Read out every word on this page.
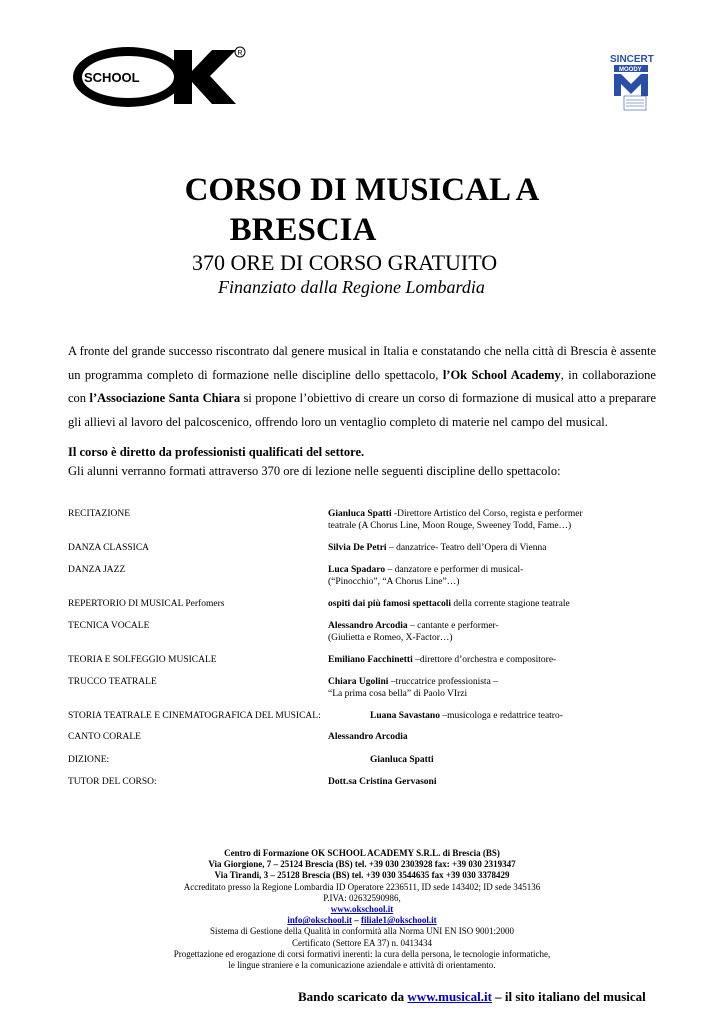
SCHOOL
R
SINCERT
MOODY
CORSO DI MUSICAL A
BRESCIA
370 ORE DI CORSO GRATUITO
Finanziato dalla Regione Lombardia
A fronte del grande successo riscontrato dal genere musical in Italia e constatando che nella città di Brescia è assente un programma completo di formazione nelle discipline dello spettacolo, l’Ok School Academy, in collaborazione con l’Associazione Santa Chiara si propone l’obiettivo di creare un corso di formazione di musical atto a preparare gli allievi al lavoro del palcoscenico, offrendo loro un ventaglio completo di materie nel campo del musical.
Il corso è diretto da professionisti qualificati del settore.
Gli alunni verranno formati attraverso 370 ore di lezione nelle seguenti discipline dello spettacolo:
RECITAZIONE	Gianluca Spatti -Direttore Artistico del Corso, regista e performer
teatrale (A Chorus Line, Moon Rouge, Sweeney Todd, Fame…)
DANZA CLASSICA	Silvia De Petri – danzatrice- Teatro dell’Opera di Vienna
DANZA JAZZ	Luca Spadaro – danzatore e performer di musical-
(“Pinocchio”, “A Chorus Line”…)
REPERTORIO DI MUSICAL Perfomers	ospiti dai più famosi spettacoli della corrente stagione teatrale
TECNICA VOCALE	Alessandro Arcodia – cantante e performer-
(Giulietta e Romeo, X-Factor…)
TEORIA E SOLFEGGIO MUSICALE	Emiliano Facchinetti –direttore d’orchestra e compositore-
TRUCCO TEATRALE	Chiara Ugolini –truccatrice professionista –
“La prima cosa bella” di Paolo VIrzi
STORIA TEATRALE E CINEMATOGRAFICA DEL MUSICAL:	Luana Savastano –musicologa e redattrice teatro-
CANTO CORALE	Alessandro Arcodia
DIZIONE:	Gianluca Spatti
TUTOR DEL CORSO:	Dott.sa Cristina Gervasoni
Centro di Formazione OK SCHOOL ACADEMY S.R.L. di Brescia (BS)
Via Giorgione, 7 – 25124 Brescia (BS) tel. +39 030 2303928 fax: +39 030 2319347
Via Tirandi, 3 – 25128 Brescia (BS) tel. +39 030 3544635 fax +39 030 3378429
Accreditato presso la Regione Lombardia ID Operatore 2236511, ID sede 143402; ID sede 345136
P.IVA: 02632590986,
www.okschool.it
info@okschool.it – filiale1@okschool.it
Sistema di Gestione della Qualità in conformità alla Norma UNI EN ISO 9001:2000
Certificato (Settore EA 37) n. 0413434
Progettazione ed erogazione di corsi formativi inerenti: la cura della persona, le tecnologie informatiche,
le lingue straniere e la comunicazione aziendale e attività di orientamento.
Bando scaricato da www.musical.it – il sito italiano del musical
